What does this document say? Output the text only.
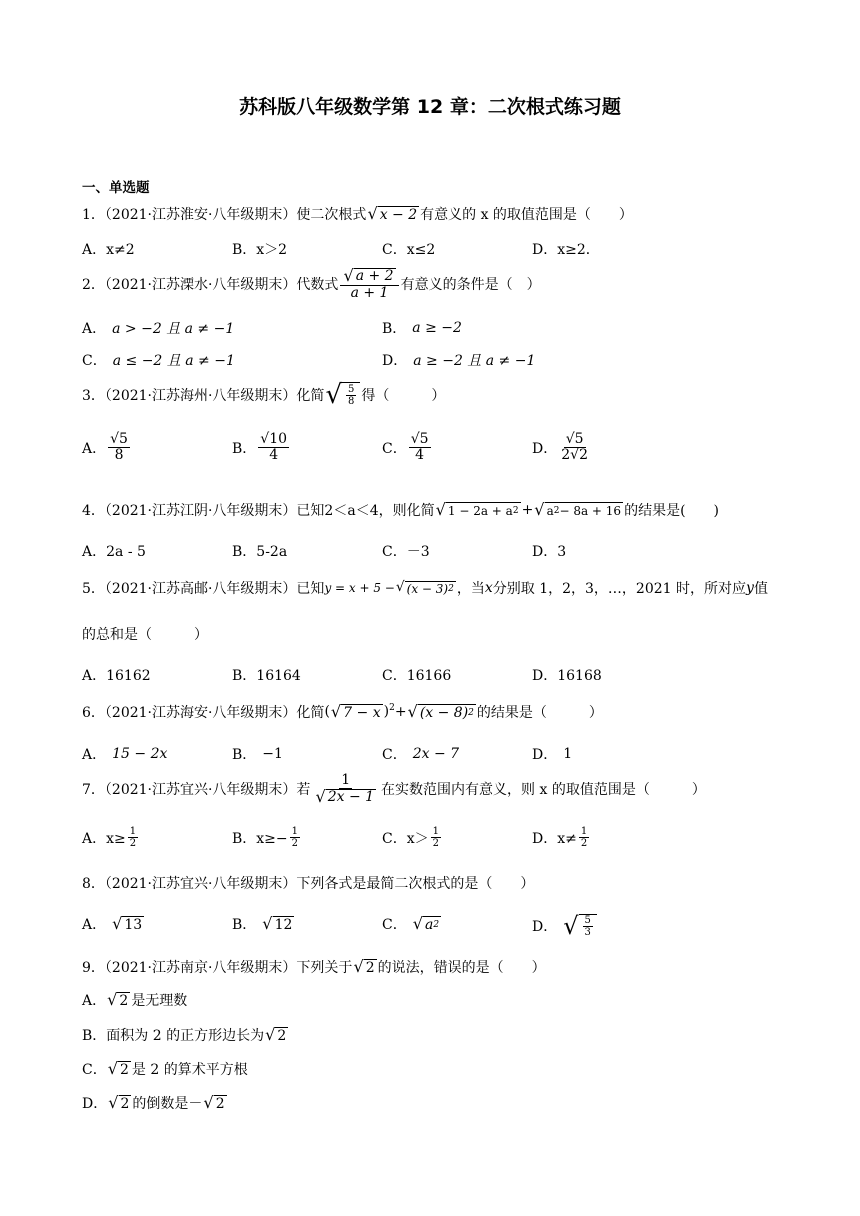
苏科版八年级数学第 12 章：二次根式练习题
一、单选题
1．（2021·江苏淮安·八年级期末）使二次根式 √ x − 2 有意义的 x 的取值范围是（　　）
A．x≠2	B．x＞2	C．x≤2	D．x≥2．
2．（2021·江苏溧水·八年级期末）代数式 $\frac{√ a + 2}{a + 1}$ 有意义的条件是（　）
A． a > −2 且 a ≠ −1	B． a ≥ −2
C． a ≤ −2 且 a ≠ −1	D． a ≥ −2 且 a ≠ −1
3．（2021·江苏海州·八年级期末）化简 √ $\frac{5}{8}$ 得（　　　）
A． $\frac{√5}{8}$	B． $\frac{√10}{4}$	C． $\frac{√5}{4}$	D． $\frac{√5}{2√2}$
4．（2021·江苏江阴·八年级期末）已知2＜a＜4，则化简 √ 1 − 2a + a 2 + √ a 2 − 8a + 16 的结果是(　　)
A．2a - 5	B．5-2a	C．－3	D．3
5．（2021·江苏高邮·八年级期末）已知 y = x + 5 − √ (x − 3) 2 ，当 x 分别取 1，2，3，…，2021 时，所对应 y 值
的总和是（　　　）
A．16162	B．16164	C．16166	D．16168
6．（2021·江苏海安·八年级期末）化简 ( √ 7 − x )$^2$ + √ (x − 8) 2 的结果是（　　　）
A． 15 − 2x	B． −1	C． 2x − 7	D． 1
7．（2021·江苏宜兴·八年级期末）若 $\frac{1}{√ 2x - 1}$ 在实数范围内有意义，则 x 的取值范围是（　　　）
A．$x\ge \frac{1}{2}$	B．$x\ge- \frac{1}{2}$	C．$x> \frac{1}{2}$	D．$x\ne \frac{1}{2}$
8．（2021·江苏宜兴·八年级期末）下列各式是最简二次根式的是（　　）
A． √ 13	B． √ 12	C． √ a 2	D． √ $\frac{5}{3}$
9．（2021·江苏南京·八年级期末）下列关于 √ 2 的说法，错误的是（　　）
A． √ 2 是无理数
B．面积为 2 的正方形边长为 √ 2
C． √ 2 是 2 的算术平方根
D． √ 2 的倒数是－ √ 2
